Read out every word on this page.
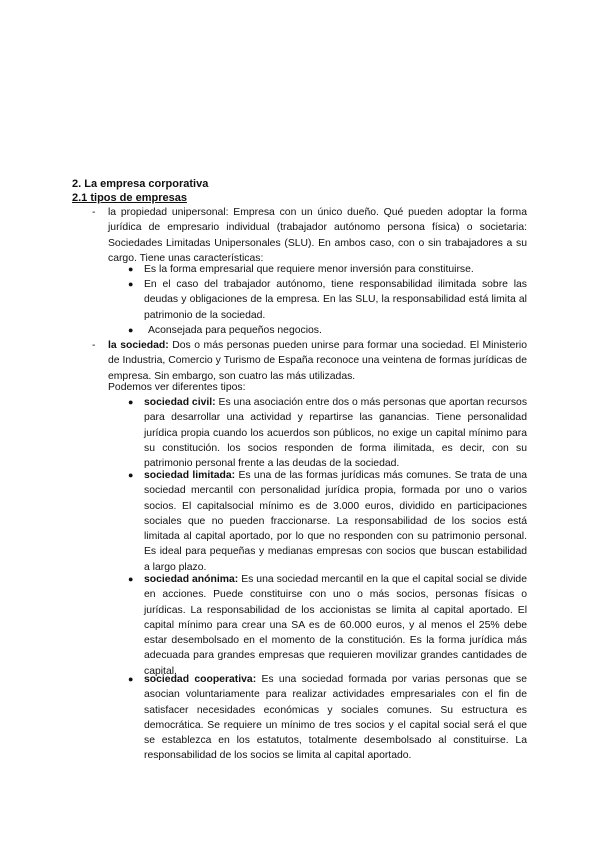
2. La empresa corporativa
2.1 tipos de empresas
- la propiedad unipersonal: Empresa con un único dueño. Qué pueden adoptar la forma jurídica de empresario individual (trabajador autónomo persona física) o societaria: Sociedades Limitadas Unipersonales (SLU). En ambos caso, con o sin trabajadores a su cargo. Tiene unas características:

● Es la forma empresarial que requiere menor inversión para constituirse.

● En el caso del trabajador autónomo, tiene responsabilidad ilimitada sobre las deudas y obligaciones de la empresa. En las SLU, la responsabilidad está limita al patrimonio de la sociedad.

● Aconsejada para pequeños negocios.

- la sociedad: Dos o más personas pueden unirse para formar una sociedad. El Ministerio de Industria, Comercio y Turismo de España reconoce una veintena de formas jurídicas de empresa. Sin embargo, son cuatro las más utilizadas.

Podemos ver diferentes tipos:

● sociedad civil: Es una asociación entre dos o más personas que aportan recursos para desarrollar una actividad y repartirse las ganancias. Tiene personalidad jurídica propia cuando los acuerdos son públicos, no exige un capital mínimo para su constitución. los socios responden de forma ilimitada, es decir, con su patrimonio personal frente a las deudas de la sociedad.

● sociedad limitada: Es una de las formas jurídicas más comunes. Se trata de una sociedad mercantil con personalidad jurídica propia, formada por uno o varios socios. El capitalsocial mínimo es de 3.000 euros, dividido en participaciones sociales que no pueden fraccionarse. La responsabilidad de los socios está limitada al capital aportado, por lo que no responden con su patrimonio personal. Es ideal para pequeñas y medianas empresas con socios que buscan estabilidad a largo plazo.

● sociedad anónima: Es una sociedad mercantil en la que el capital social se divide en acciones. Puede constituirse con uno o más socios, personas físicas o jurídicas. La responsabilidad de los accionistas se limita al capital aportado. El capital mínimo para crear una SA es de 60.000 euros, y al menos el 25% debe estar desembolsado en el momento de la constitución. Es la forma jurídica más adecuada para grandes empresas que requieren movilizar grandes cantidades de capital.

● sociedad cooperativa: Es una sociedad formada por varias personas que se asocian voluntariamente para realizar actividades empresariales con el fin de satisfacer necesidades económicas y sociales comunes. Su estructura es democrática. Se requiere un mínimo de tres socios y el capital social será el que se establezca en los estatutos, totalmente desembolsado al constituirse. La responsabilidad de los socios se limita al capital aportado.
